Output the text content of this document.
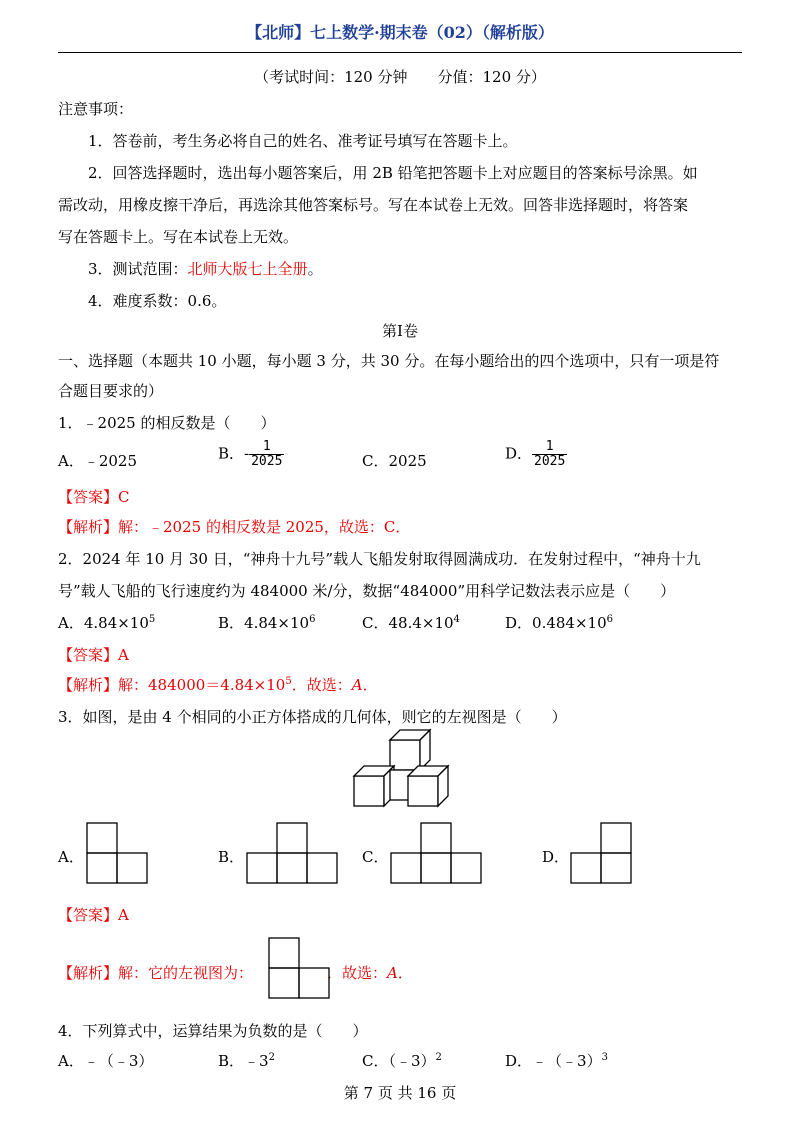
【北师】七上数学·期末卷（02）（解析版）
（考试时间：120 分钟　　分值：120 分）
注意事项：
1．答卷前，考生务必将自己的姓名、准考证号填写在答题卡上。
2．回答选择题时，选出每小题答案后，用 2B 铅笔把答题卡上对应题目的答案标号涂黑。如
需改动，用橡皮擦干净后，再选涂其他答案标号。写在本试卷上无效。回答非选择题时，将答案
写在答题卡上。写在本试卷上无效。
3．测试范围：北师大版七上全册。
4．难度系数：0.6。
第Ⅰ卷
一、选择题（本题共 10 小题，每小题 3 分，共 30 分。在每小题给出的四个选项中，只有一项是符
合题目要求的）
1．﹣2025 的相反数是（　　）
A．﹣2025	B．- $\frac{1}{2025}$	C．2025	D． $\frac{1}{2025}$
【答案】C
【解析】解：﹣2025 的相反数是 2025，故选：C．
2．2024 年 10 月 30 日，“神舟十九号”载人飞船发射取得圆满成功．在发射过程中，“神舟十九
号”载人飞船的飞行速度约为 484000 米/分，数据“484000”用科学记数法表示应是（　　）
A．$4.84\times 10^5$	B．$4.84\times 10^6$	C．$48.4\times 10^4$	D．$0.484\times 10^6$
【答案】A
【解析】解：$484000=4.84\times 10^5$．故选：A．
3．如图，是由 4 个相同的小正方体搭成的几何体，则它的左视图是（　　）
A．	B．	C．	D．
【答案】A
【解析】解：它的左视图为：	．故选：A．
4．下列算式中，运算结果为负数的是（　　）
A．﹣（﹣3）	B．$﹣3^2$	C．（﹣3）$^2$	D．﹣（﹣3）$^3$
第 7 页 共 16 页
